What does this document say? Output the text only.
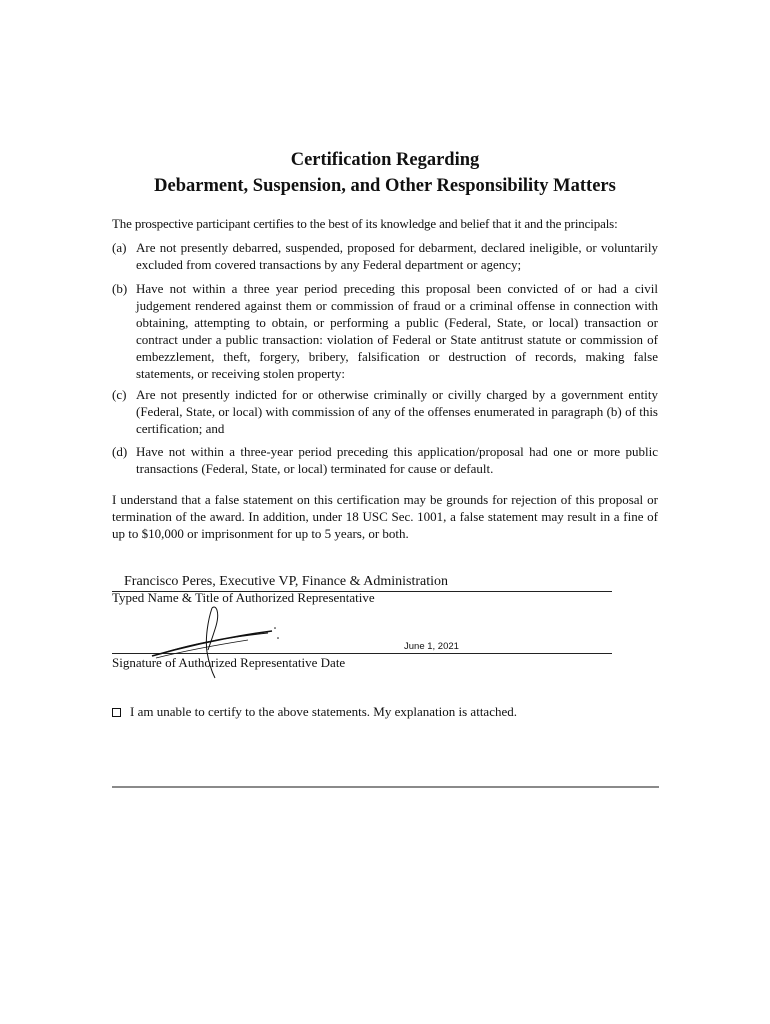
Certification Regarding
Debarment, Suspension, and Other Responsibility Matters
The prospective participant certifies to the best of its knowledge and belief that it and the principals:
(a) Are not presently debarred, suspended, proposed for debarment, declared ineligible, or voluntarily excluded from covered transactions by any Federal department or agency;
(b) Have not within a three year period preceding this proposal been convicted of or had a civil judgement rendered against them or commission of fraud or a criminal offense in connection with obtaining, attempting to obtain, or performing a public (Federal, State, or local) transaction or contract under a public transaction: violation of Federal or State antitrust statute or commission of embezzlement, theft, forgery, bribery, falsification or destruction of records, making false statements, or receiving stolen property:
(c) Are not presently indicted for or otherwise criminally or civilly charged by a government entity (Federal, State, or local) with commission of any of the offenses enumerated in paragraph (b) of this certification; and
(d) Have not within a three-year period preceding this application/proposal had one or more public transactions (Federal, State, or local) terminated for cause or default.
I understand that a false statement on this certification may be grounds for rejection of this proposal or termination of the award. In addition, under 18 USC Sec. 1001, a false statement may result in a fine of up to $10,000 or imprisonment for up to 5 years, or both.
Francisco Peres, Executive VP, Finance & Administration
Typed Name & Title of Authorized Representative
June 1, 2021
Signature of Authorized Representative Date
I am unable to certify to the above statements. My explanation is attached.
